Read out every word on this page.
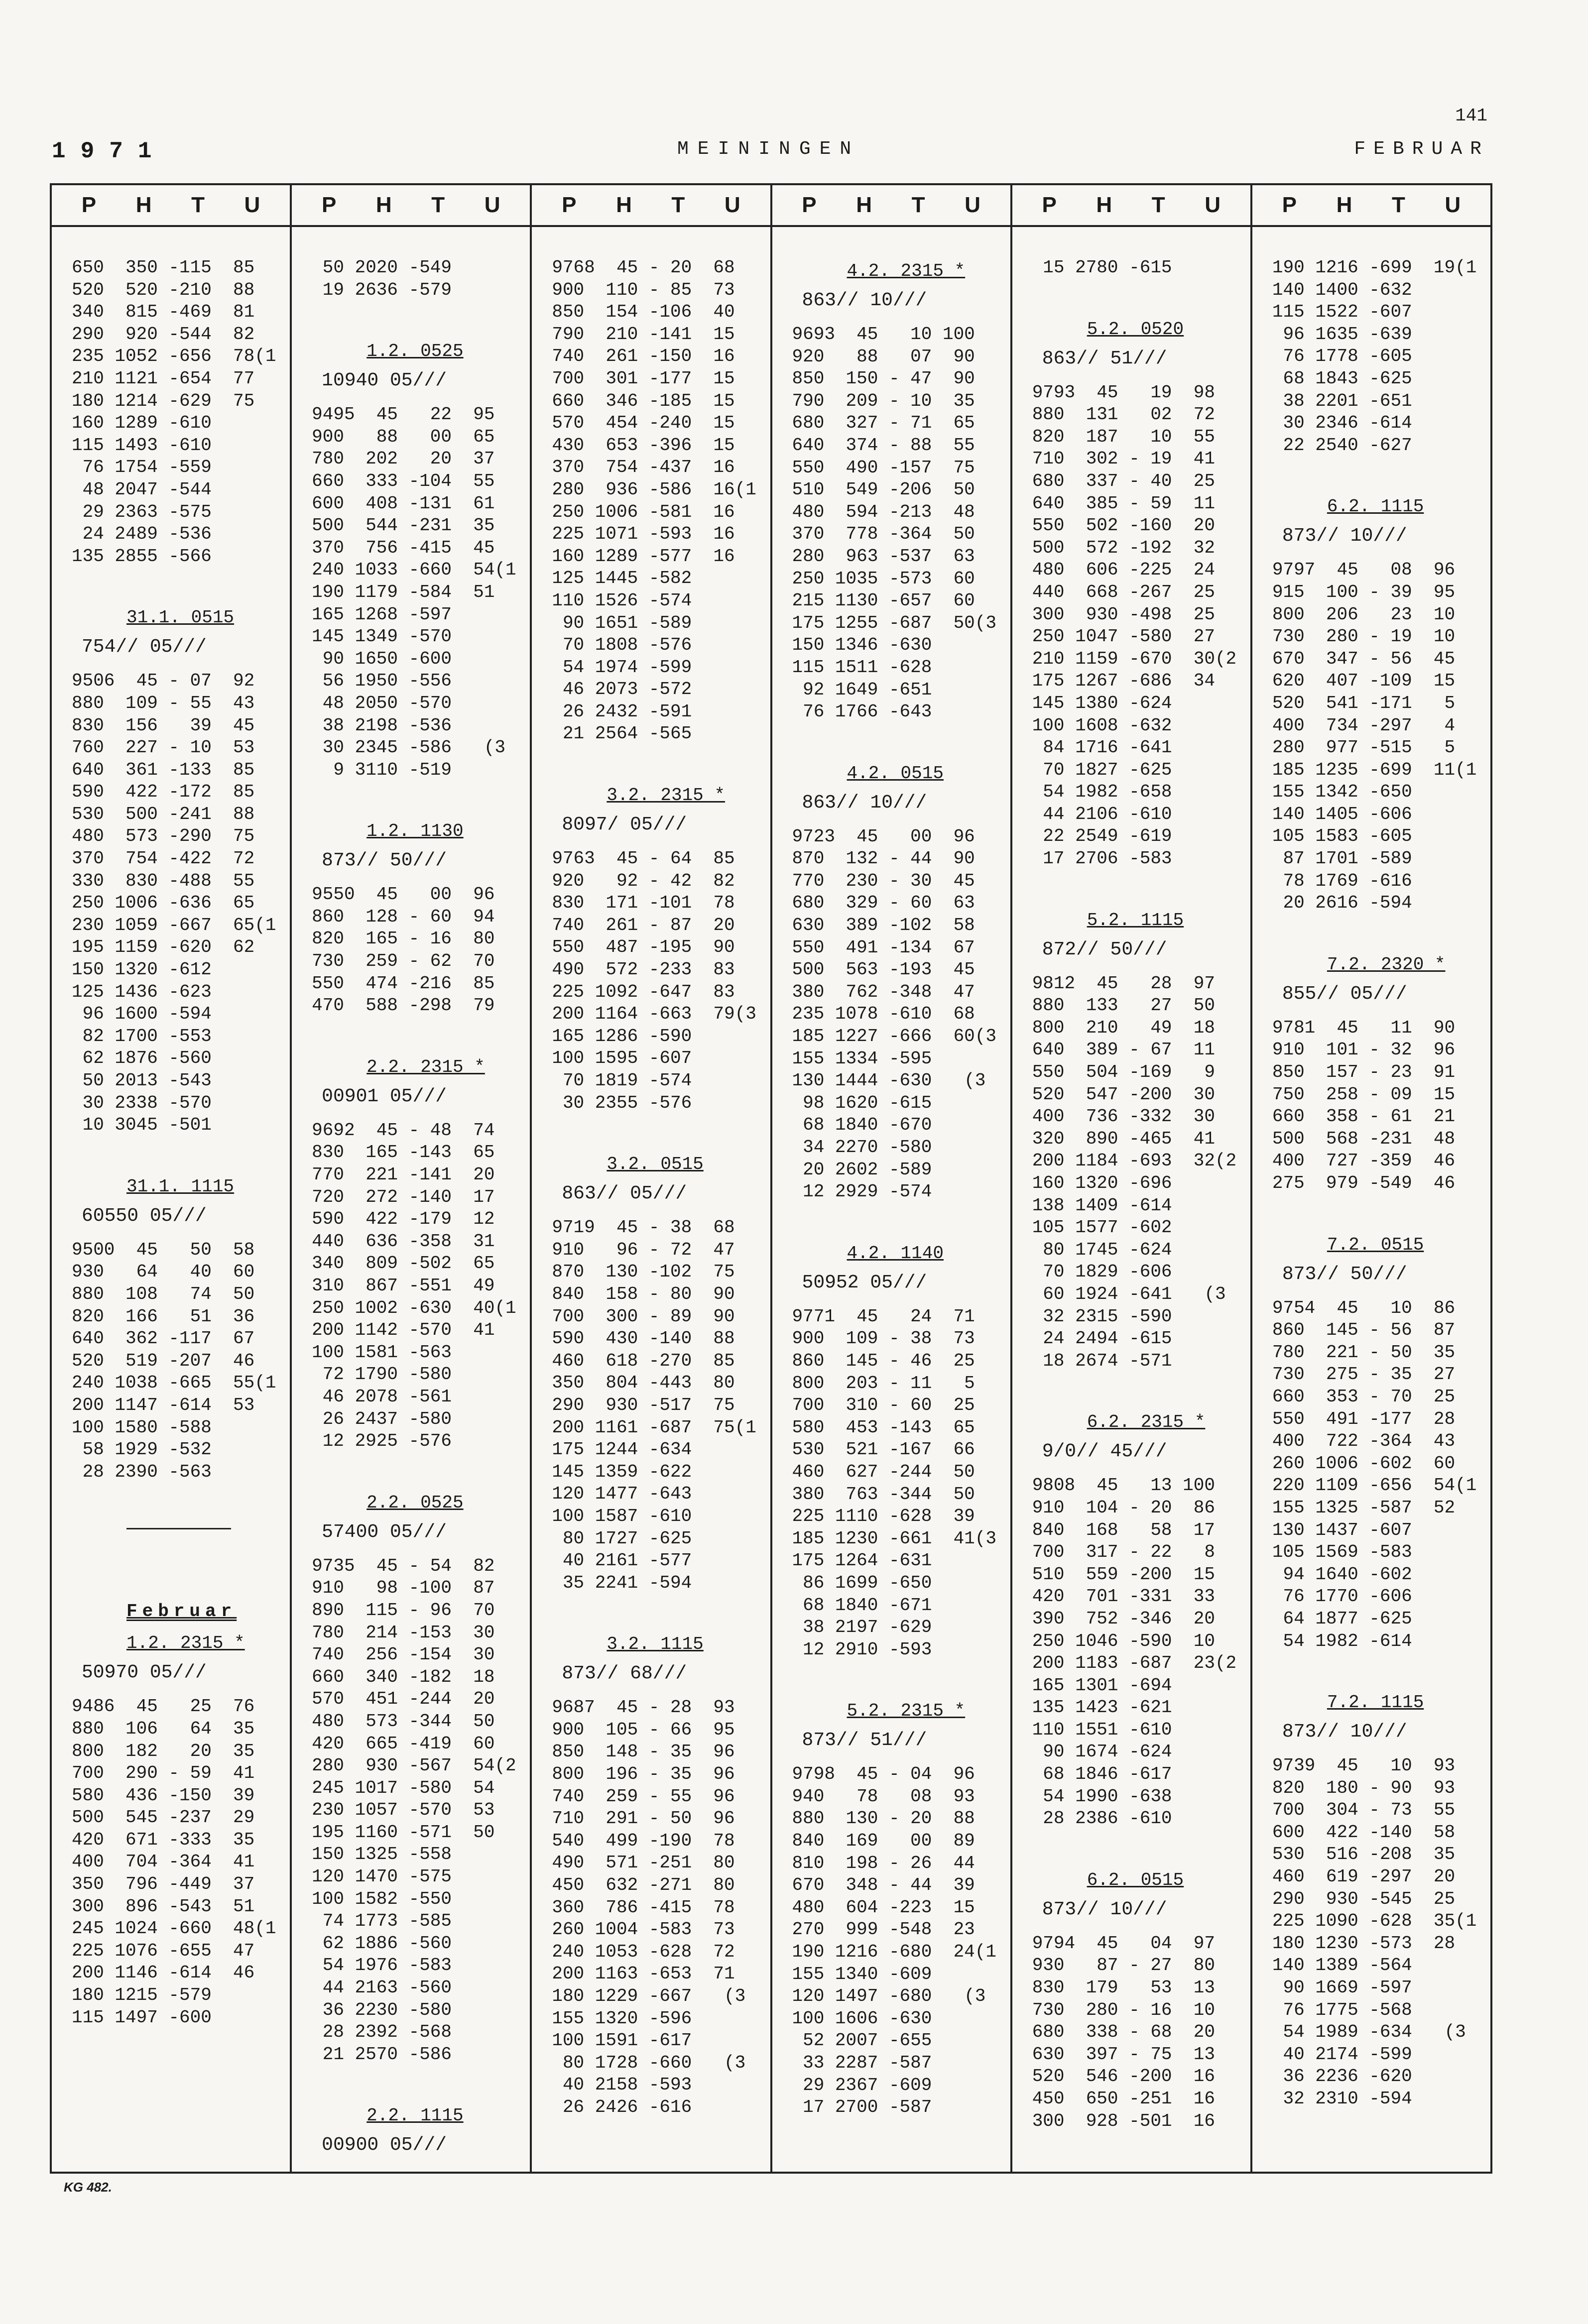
141
1971	MEININGEN	FEBRUAR
P H T U
650  350 -115  85
520  520 -210  88
340  815 -469  81
290  920 -544  82
235 1052 -656  78(1
210 1121 -654  77
180 1214 -629  75
160 1289 -610
115 1493 -610
76 1754 -559
48 2047 -544
29 2363 -575
24 2489 -536
135 2855 -566
31.1. 0515
754// 05///
9506  45 - 07  92
880  109 - 55  43
830  156   39  45
760  227 - 10  53
640  361 -133  85
590  422 -172  85
530  500 -241  88
480  573 -290  75
370  754 -422  72
330  830 -488  55
250 1006 -636  65
230 1059 -667  65(1
195 1159 -620  62
150 1320 -612
125 1436 -623
96 1600 -594
82 1700 -553
62 1876 -560
50 2013 -543
30 2338 -570
10 3045 -501
31.1. 1115
60550 05///
9500  45   50  58
930   64   40  60
880  108   74  50
820  166   51  36
640  362 -117  67
520  519 -207  46
240 1038 -665  55(1
200 1147 -614  53
100 1580 -588
58 1929 -532
28 2390 -563
Februar
1.2. 2315 *
50970 05///
9486  45   25  76
880  106   64  35
800  182   20  35
700  290 - 59  41
580  436 -150  39
500  545 -237  29
420  671 -333  35
400  704 -364  41
350  796 -449  37
300  896 -543  51
245 1024 -660  48(1
225 1076 -655  47
200 1146 -614  46
180 1215 -579
115 1497 -600
P H T U
50 2020 -549
19 2636 -579
1.2. 0525
10940 05///
9495  45   22  95
900   88   00  65
780  202   20  37
660  333 -104  55
600  408 -131  61
500  544 -231  35
370  756 -415  45
240 1033 -660  54(1
190 1179 -584  51
165 1268 -597
145 1349 -570
90 1650 -600
56 1950 -556
48 2050 -570
38 2198 -536
30 2345 -586   (3
9 3110 -519
1.2. 1130
873// 50///
9550  45   00  96
860  128 - 60  94
820  165 - 16  80
730  259 - 62  70
550  474 -216  85
470  588 -298  79
2.2. 2315 *
00901 05///
9692  45 - 48  74
830  165 -143  65
770  221 -141  20
720  272 -140  17
590  422 -179  12
440  636 -358  31
340  809 -502  65
310  867 -551  49
250 1002 -630  40(1
200 1142 -570  41
100 1581 -563
72 1790 -580
46 2078 -561
26 2437 -580
12 2925 -576
2.2. 0525
57400 05///
9735  45 - 54  82
910   98 -100  87
890  115 - 96  70
780  214 -153  30
740  256 -154  30
660  340 -182  18
570  451 -244  20
480  573 -344  50
420  665 -419  60
280  930 -567  54(2
245 1017 -580  54
230 1057 -570  53
195 1160 -571  50
150 1325 -558
120 1470 -575
100 1582 -550
74 1773 -585
62 1886 -560
54 1976 -583
44 2163 -560
36 2230 -580
28 2392 -568
21 2570 -586
2.2. 1115
00900 05///
P H T U
9768  45 - 20  68
900  110 - 85  73
850  154 -106  40
790  210 -141  15
740  261 -150  16
700  301 -177  15
660  346 -185  15
570  454 -240  15
430  653 -396  15
370  754 -437  16
280  936 -586  16(1
250 1006 -581  16
225 1071 -593  16
160 1289 -577  16
125 1445 -582
110 1526 -574
90 1651 -589
70 1808 -576
54 1974 -599
46 2073 -572
26 2432 -591
21 2564 -565
3.2. 2315 *
8097/ 05///
9763  45 - 64  85
920   92 - 42  82
830  171 -101  78
740  261 - 87  20
550  487 -195  90
490  572 -233  83
225 1092 -647  83
200 1164 -663  79(3
165 1286 -590
100 1595 -607
70 1819 -574
30 2355 -576
3.2. 0515
863// 05///
9719  45 - 38  68
910   96 - 72  47
870  130 -102  75
840  158 - 80  90
700  300 - 89  90
590  430 -140  88
460  618 -270  85
350  804 -443  80
290  930 -517  75
200 1161 -687  75(1
175 1244 -634
145 1359 -622
120 1477 -643
100 1587 -610
80 1727 -625
40 2161 -577
35 2241 -594
3.2. 1115
873// 68///
9687  45 - 28  93
900  105 - 66  95
850  148 - 35  96
800  196 - 35  96
740  259 - 55  96
710  291 - 50  96
540  499 -190  78
490  571 -251  80
450  632 -271  80
360  786 -415  78
260 1004 -583  73
240 1053 -628  72
200 1163 -653  71
180 1229 -667   (3
155 1320 -596
100 1591 -617
80 1728 -660   (3
40 2158 -593
26 2426 -616
P H T U
4.2. 2315 *
863// 10///
9693  45   10 100
920   88   07  90
850  150 - 47  90
790  209 - 10  35
680  327 - 71  65
640  374 - 88  55
550  490 -157  75
510  549 -206  50
480  594 -213  48
370  778 -364  50
280  963 -537  63
250 1035 -573  60
215 1130 -657  60
175 1255 -687  50(3
150 1346 -630
115 1511 -628
92 1649 -651
76 1766 -643
4.2. 0515
863// 10///
9723  45   00  96
870  132 - 44  90
770  230 - 30  45
680  329 - 60  63
630  389 -102  58
550  491 -134  67
500  563 -193  45
380  762 -348  47
235 1078 -610  68
185 1227 -666  60(3
155 1334 -595
130 1444 -630   (3
98 1620 -615
68 1840 -670
34 2270 -580
20 2602 -589
12 2929 -574
4.2. 1140
50952 05///
9771  45   24  71
900  109 - 38  73
860  145 - 46  25
800  203 - 11   5
700  310 - 60  25
580  453 -143  65
530  521 -167  66
460  627 -244  50
380  763 -344  50
225 1110 -628  39
185 1230 -661  41(3
175 1264 -631
86 1699 -650
68 1840 -671
38 2197 -629
12 2910 -593
5.2. 2315 *
873// 51///
9798  45 - 04  96
940   78   08  93
880  130 - 20  88
840  169   00  89
810  198 - 26  44
670  348 - 44  39
480  604 -223  15
270  999 -548  23
190 1216 -680  24(1
155 1340 -609
120 1497 -680   (3
100 1606 -630
52 2007 -655
33 2287 -587
29 2367 -609
17 2700 -587
P H T U
15 2780 -615
5.2. 0520
863// 51///
9793  45   19  98
880  131   02  72
820  187   10  55
710  302 - 19  41
680  337 - 40  25
640  385 - 59  11
550  502 -160  20
500  572 -192  32
480  606 -225  24
440  668 -267  25
300  930 -498  25
250 1047 -580  27
210 1159 -670  30(2
175 1267 -686  34
145 1380 -624
100 1608 -632
84 1716 -641
70 1827 -625
54 1982 -658
44 2106 -610
22 2549 -619
17 2706 -583
5.2. 1115
872// 50///
9812  45   28  97
880  133   27  50
800  210   49  18
640  389 - 67  11
550  504 -169   9
520  547 -200  30
400  736 -332  30
320  890 -465  41
200 1184 -693  32(2
160 1320 -696
138 1409 -614
105 1577 -602
80 1745 -624
70 1829 -606
60 1924 -641   (3
32 2315 -590
24 2494 -615
18 2674 -571
6.2. 2315 *
9/0// 45///
9808  45   13 100
910  104 - 20  86
840  168   58  17
700  317 - 22   8
510  559 -200  15
420  701 -331  33
390  752 -346  20
250 1046 -590  10
200 1183 -687  23(2
165 1301 -694
135 1423 -621
110 1551 -610
90 1674 -624
68 1846 -617
54 1990 -638
28 2386 -610
6.2. 0515
873// 10///
9794  45   04  97
930   87 - 27  80
830  179   53  13
730  280 - 16  10
680  338 - 68  20
630  397 - 75  13
520  546 -200  16
450  650 -251  16
300  928 -501  16
P H T U
190 1216 -699  19(1
140 1400 -632
115 1522 -607
96 1635 -639
76 1778 -605
68 1843 -625
38 2201 -651
30 2346 -614
22 2540 -627
6.2. 1115
873// 10///
9797  45   08  96
915  100 - 39  95
800  206   23  10
730  280 - 19  10
670  347 - 56  45
620  407 -109  15
520  541 -171   5
400  734 -297   4
280  977 -515   5
185 1235 -699  11(1
155 1342 -650
140 1405 -606
105 1583 -605
87 1701 -589
78 1769 -616
20 2616 -594
7.2. 2320 *
855// 05///
9781  45   11  90
910  101 - 32  96
850  157 - 23  91
750  258 - 09  15
660  358 - 61  21
500  568 -231  48
400  727 -359  46
275  979 -549  46
7.2. 0515
873// 50///
9754  45   10  86
860  145 - 56  87
780  221 - 50  35
730  275 - 35  27
660  353 - 70  25
550  491 -177  28
400  722 -364  43
260 1006 -602  60
220 1109 -656  54(1
155 1325 -587  52
130 1437 -607
105 1569 -583
94 1640 -602
76 1770 -606
64 1877 -625
54 1982 -614
7.2. 1115
873// 10///
9739  45   10  93
820  180 - 90  93
700  304 - 73  55
600  422 -140  58
530  516 -208  35
460  619 -297  20
290  930 -545  25
225 1090 -628  35(1
180 1230 -573  28
140 1389 -564
90 1669 -597
76 1775 -568
54 1989 -634   (3
40 2174 -599
36 2236 -620
32 2310 -594
KG 482.
